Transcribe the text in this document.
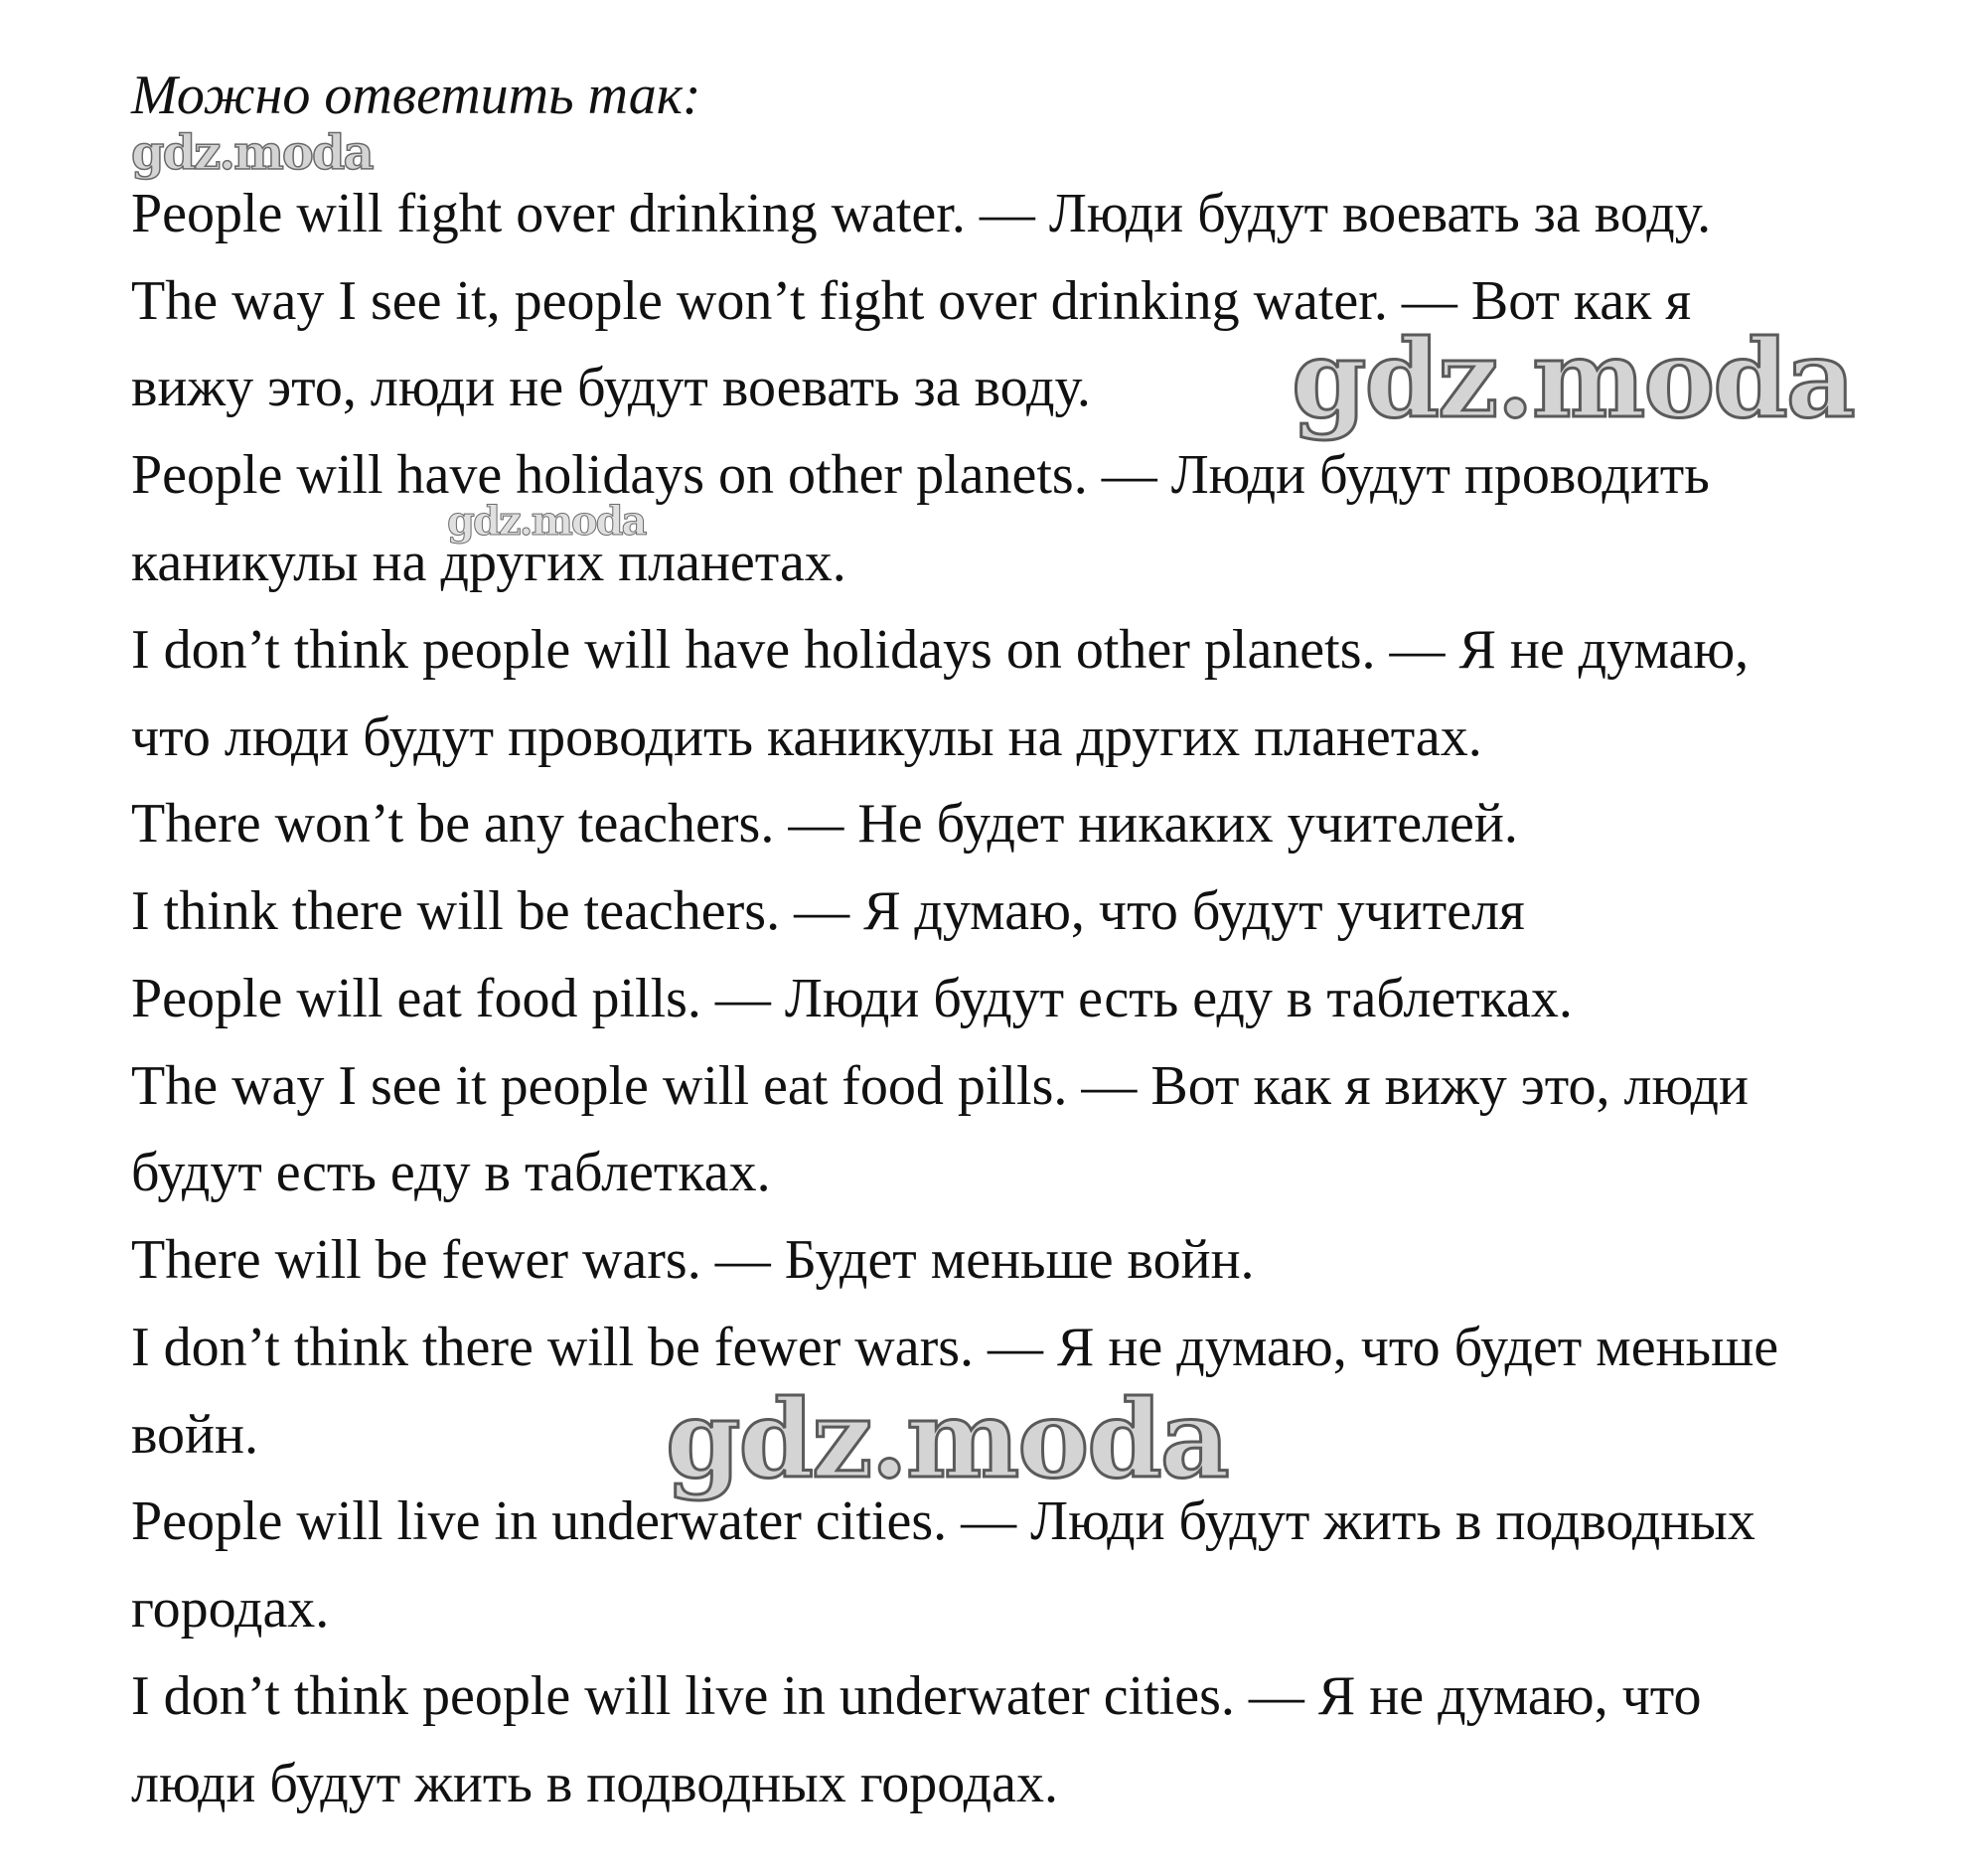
Можно ответить так:
gdz.moda
People will fight over drinking water. — Люди будут воевать за воду.
The way I see it, people won’t fight over drinking water. — Вот как я
вижу это, люди не будут воевать за воду.
People will have holidays on other planets. — Люди будут проводить
каникулы на других планетах.
I don’t think people will have holidays on other planets. — Я не думаю,
что люди будут проводить каникулы на других планетах.
There won’t be any teachers. — Не будет никаких учителей.
I think there will be teachers. — Я думаю, что будут учителя
People will eat food pills. — Люди будут есть еду в таблетках.
The way I see it people will eat food pills. — Вот как я вижу это, люди
будут есть еду в таблетках.
There will be fewer wars. — Будет меньше войн.
I don’t think there will be fewer wars. — Я не думаю, что будет меньше
войн.
People will live in underwater cities. — Люди будут жить в подводных
городах.
I don’t think people will live in underwater cities. — Я не думаю, что
люди будут жить в подводных городах.
gdz.moda
gdz.moda
gdz.moda
